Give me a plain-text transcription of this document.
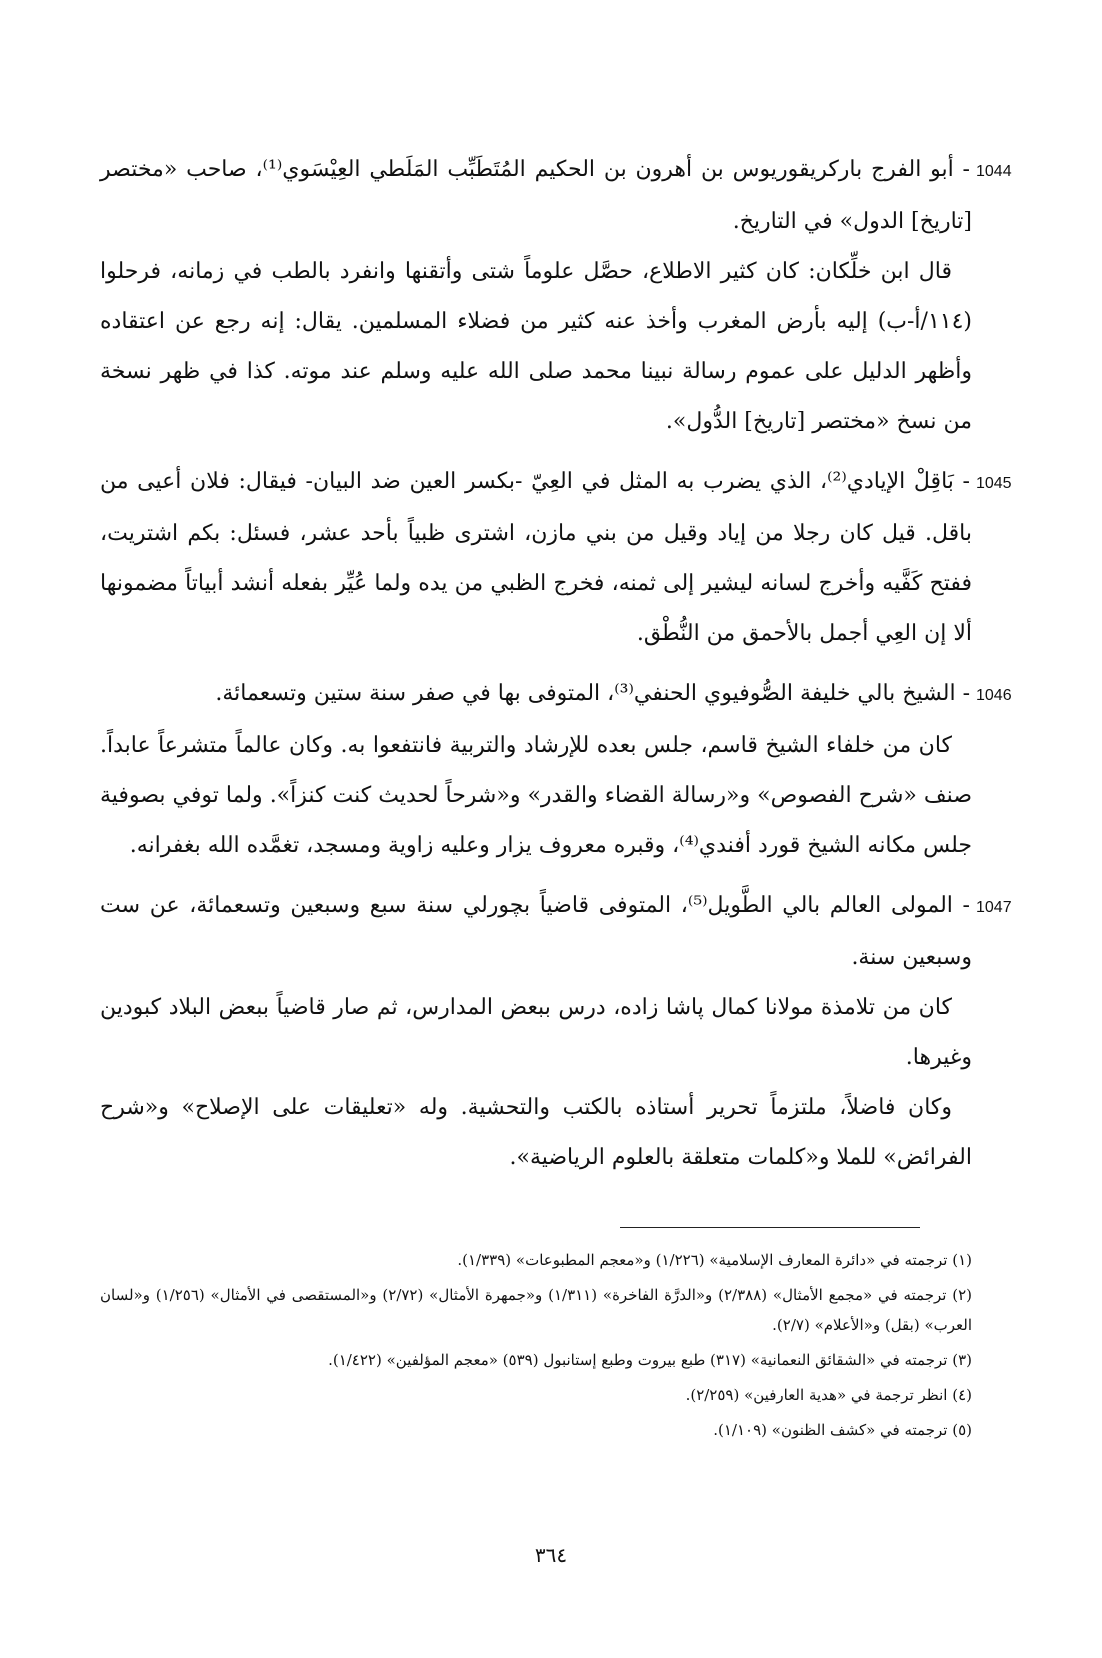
1044- أبو الفرج باركريقوريوس بن أهرون بن الحكيم المُتَطَبِّب المَلَطي العِيْسَوي⁽¹⁾، صاحب «مختصر [تاريخ] الدول» في التاريخ.

قال ابن خلِّكان: كان كثير الاطلاع، حصَّل علوماً شتى وأتقنها وانفرد بالطب في زمانه، فرحلوا (١١٤/أ-ب) إليه بأرض المغرب وأخذ عنه كثير من فضلاء المسلمين. يقال: إنه رجع عن اعتقاده وأظهر الدليل على عموم رسالة نبينا محمد صلى الله عليه وسلم عند موته. كذا في ظهر نسخة من نسخ «مختصر [تاريخ] الدُّول».

1045- بَاقِلْ الإيادي⁽²⁾، الذي يضرب به المثل في العِيّ -بكسر العين ضد البيان- فيقال: فلان أعيى من باقل. قيل كان رجلا من إياد وقيل من بني مازن، اشترى ظبياً بأحد عشر، فسئل: بكم اشتريت، ففتح كَفَّيه وأخرج لسانه ليشير إلى ثمنه، فخرج الظبي من يده ولما عُيِّر بفعله أنشد أبياتاً مضمونها ألا إن العِي أجمل بالأحمق من النُّطْق.

1046- الشيخ بالي خليفة الصُّوفيوي الحنفي⁽³⁾، المتوفى بها في صفر سنة ستين وتسعمائة.

كان من خلفاء الشيخ قاسم، جلس بعده للإرشاد والتربية فانتفعوا به. وكان عالماً متشرعاً عابداً. صنف «شرح الفصوص» و«رسالة القضاء والقدر» و«شرحاً لحديث كنت كنزاً». ولما توفي بصوفية جلس مكانه الشيخ قورد أفندي⁽⁴⁾، وقبره معروف يزار وعليه زاوية ومسجد، تغمَّده الله بغفرانه.

1047- المولى العالم بالي الطَّويل⁽⁵⁾، المتوفى قاضياً بچورلي سنة سبع وسبعين وتسعمائة، عن ست وسبعين سنة.

كان من تلامذة مولانا كمال پاشا زاده، درس ببعض المدارس، ثم صار قاضياً ببعض البلاد كبودين وغيرها.

وكان فاضلاً، ملتزماً تحرير أستاذه بالكتب والتحشية. وله «تعليقات على الإصلاح» و«شرح الفرائض» للملا و«كلمات متعلقة بالعلوم الرياضية».

(١) ترجمته في «دائرة المعارف الإسلامية» (١/٢٢٦) و«معجم المطبوعات» (١/٣٣٩).

(٢) ترجمته في «مجمع الأمثال» (٢/٣٨٨) و«الدرَّة الفاخرة» (١/٣١١) و«جمهرة الأمثال» (٢/٧٢) و«المستقصى في الأمثال» (١/٢٥٦) و«لسان العرب» (بقل) و«الأعلام» (٢/٧).

(٣) ترجمته في «الشقائق النعمانية» (٣١٧) طبع بيروت وطبع إستانبول (٥٣٩) «معجم المؤلفين» (١/٤٢٢).

(٤) انظر ترجمة في «هدية العارفين» (٢/٢٥٩).

(٥) ترجمته في «كشف الظنون» (١/١٠٩).

٣٦٤
